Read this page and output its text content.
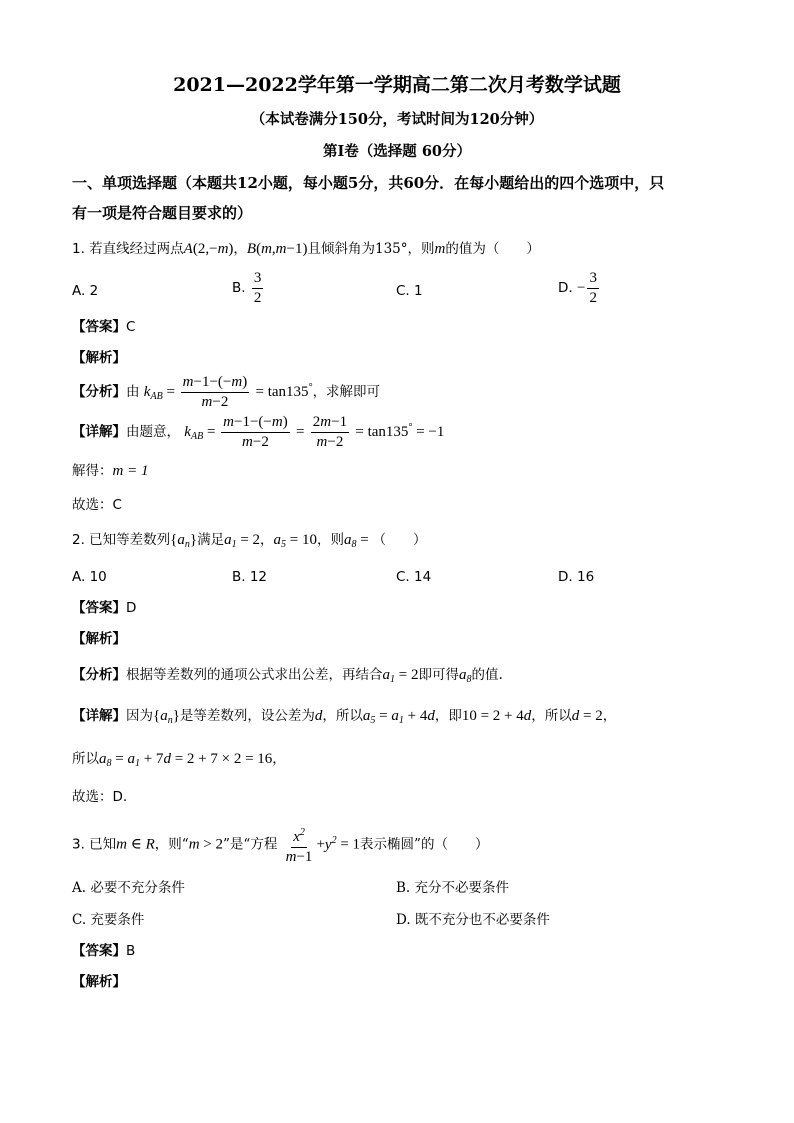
2021—2022学年第一学期高二第二次月考数学试题
（本试卷满分150分，考试时间为120分钟）
第I卷（选择题 60分）
一、单项选择题（本题共12小题，每小题5分，共60分．在每小题给出的四个选项中，只
有一项是符合题目要求的）
1. 若直线经过两点A(2,−m)，B(m,m−1)且倾斜角为135°，则m的值为（　　）
A. 2	B. $\frac{3}{2}$	C. 1	D. − $\frac{3}{2}$
【答案】C
【解析】
【分析】由 $k_{AB} = \frac{m-1-(-m)}{m-2} = \tan 135^\circ$，求解即可
【详解】由题意， $k_{AB} = \frac{m-1-(-m)}{m-2} = \frac{2m-1}{m-2} = \tan 135^\circ = -1$
解得：m = 1
故选：C
2. 已知等差数列$\{a_n\}$满足$a_1 = 2$，$a_5 = 10$，则$a_8$ = （　　）
A. 10	B. 12	C. 14	D. 16
【答案】D
【解析】
【分析】根据等差数列的通项公式求出公差，再结合$a_1 = 2$即可得$a_8$的值.
【详解】因为$\{a_n\}$是等差数列，设公差为d，所以$a_5 = a_1 + 4d$，即10 = 2 + 4d，所以d = 2，
所以$a_8 = a_1 + 7d = 2 + 7 \times 2 = 16$，
故选：D.
3. 已知m ∈ R，则“m > 2”是“方程 $\frac{x^2}{m-1} +y^2 = 1$表示椭圆”的（　　）
A. 必要不充分条件	B. 充分不必要条件
C. 充要条件	D. 既不充分也不必要条件
【答案】B
【解析】
